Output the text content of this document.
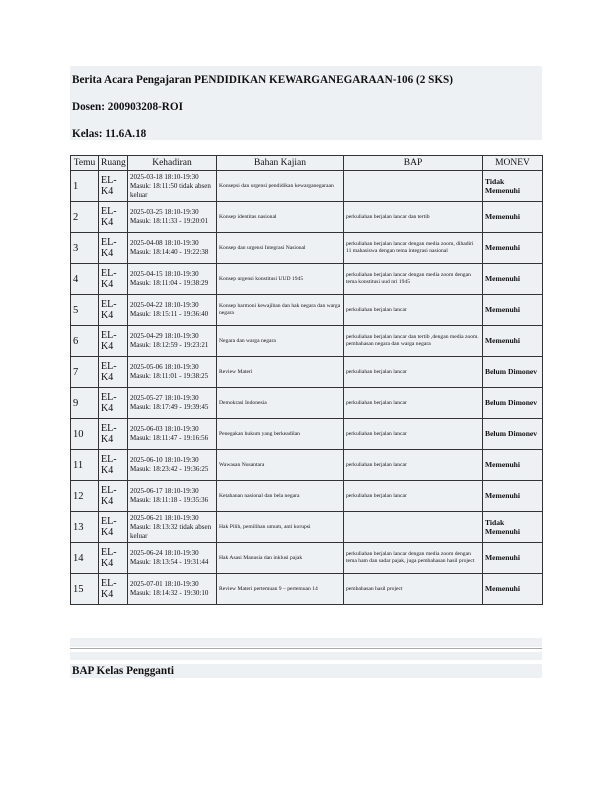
Berita Acara Pengajaran PENDIDIKAN KEWARGANEGARAAN-106 (2 SKS)
Dosen: 200903208-ROI
Kelas: 11.6A.18
Temu	Ruang	Kehadiran	Bahan Kajian	BAP	MONEV
1	EL-K4	2025-03-18 18:10-19:30 Masuk: 18:11:50 tidak absen keluar	Konsepsi dan urgensi pendidikan kewarganegaraan		Tidak Memenuhi
2	EL-K4	2025-03-25 18:10-19:30 Masuk: 18:11:33 - 19:20:01	Konsep identitas nasional	perkuliahan berjalan lancar dan tertib	Memenuhi
3	EL-K4	2025-04-08 18:10-19:30 Masuk: 18:14:40 - 19:22:38	Konsep dan urgensi Integrasi Nasional	perkuliahan berjalan lancar dengan media zoom, dihadiri 11 mahasiswa dengan tema integrasi nasional	Memenuhi
4	EL-K4	2025-04-15 18:10-19:30 Masuk: 18:11:04 - 19:38:29	Konsep urgensi konstitusi UUD 1945	perkuliahan berjalan lancar dengan media zoom dengan tema konstitusi uud nri 1945	Memenuhi
5	EL-K4	2025-04-22 18:10-19:30 Masuk: 18:15:11 - 19:36:40	Konsep harmoni kewajiban dan hak negara dan warga negara	perkuliahan berjalan lancar	Memenuhi
6	EL-K4	2025-04-29 18:10-19:30 Masuk: 18:12:59 - 19:23:21	Negara dan warga negara	perkuliahan berjalan lancar dan tertib ,dengan media zoom. pembahasan negara dan warga negara	Memenuhi
7	EL-K4	2025-05-06 18:10-19:30 Masuk: 18:11:01 - 19:38:25	Review Materi	perkuliahan berjalan lancar	Belum Dimonev
9	EL-K4	2025-05-27 18:10-19:30 Masuk: 18:17:49 - 19:39:45	Demokrasi Indonesia	perkuliahan berjalan lancar	Belum Dimonev
10	EL-K4	2025-06-03 18:10-19:30 Masuk: 18:11:47 - 19:16:56	Penegakan hukum yang berkeadilan	perkuliahan berjalan lancar	Belum Dimonev
11	EL-K4	2025-06-10 18:10-19:30 Masuk: 18:23:42 - 19:36:25	Wawasan Nusantara	perkuliahan berjalan lancar	Memenuhi
12	EL-K4	2025-06-17 18:10-19:30 Masuk: 18:11:18 - 19:35:36	Ketahanan nasional dan bela negara	perkuliahan berjalan lancar	Memenuhi
13	EL-K4	2025-06-21 18:10-19:30 Masuk: 18:13:32 tidak absen keluar	Hak Pilih, pemilihan umum, anti korupsi		Tidak Memenuhi
14	EL-K4	2025-06-24 18:10-19:30 Masuk: 18:13:54 - 19:31:44	Hak Asasi Manusia dan inklusi pajak	perkuliahan berjalan lancar dengan media zoom dengan tema ham dan sadar pajak, juga pembahasan hasil project	Memenuhi
15	EL-K4	2025-07-01 18:10-19:30 Masuk: 18:14:32 - 19:30:10	Review Materi pertemuan 9 – pertemuan 14	pembahasan hasil project	Memenuhi
BAP Kelas Pengganti
